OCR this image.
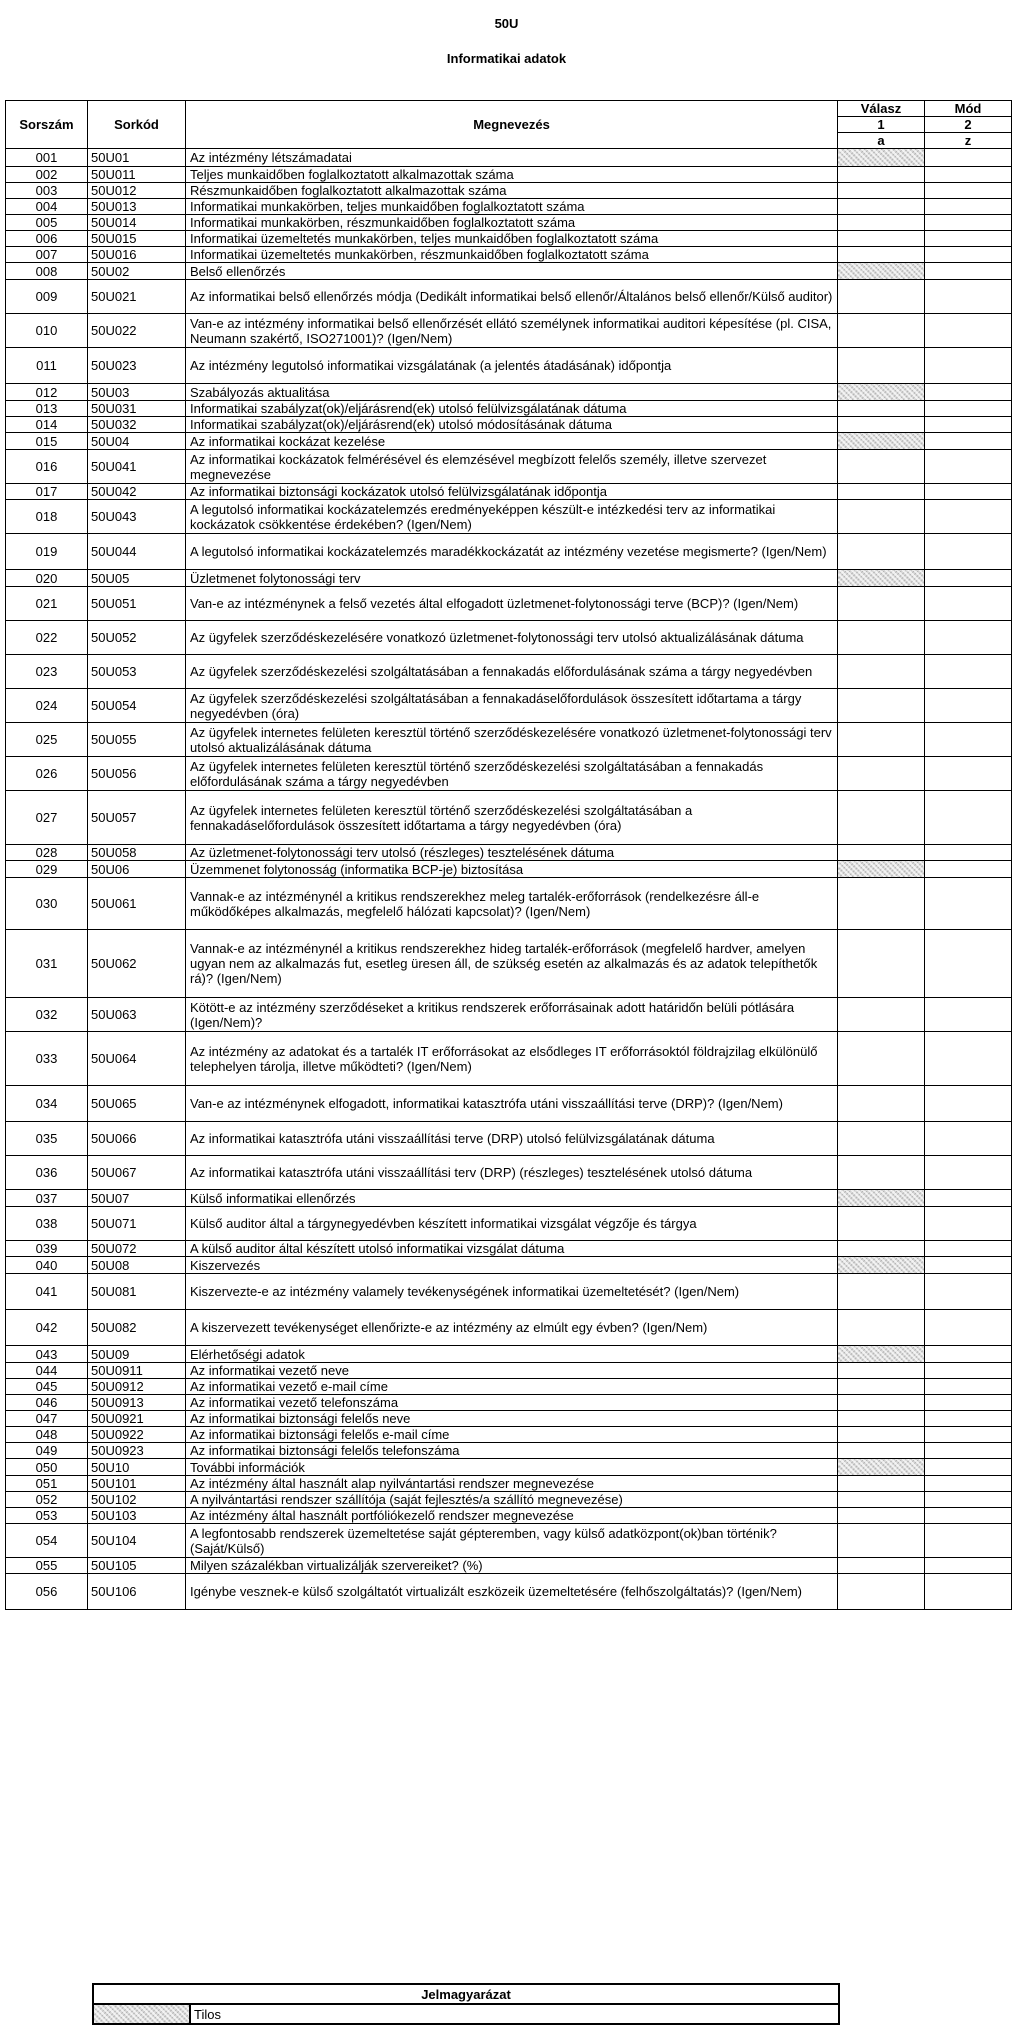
50U
Informatikai adatok
Sorszám	Sorkód	Megnevezés	Válasz	Mód
			1	2
			a	z
001	50U01	Az intézmény létszámadatai		
002	50U011	Teljes munkaidőben foglalkoztatott alkalmazottak száma		
003	50U012	Részmunkaidőben foglalkoztatott alkalmazottak száma		
004	50U013	Informatikai munkakörben, teljes munkaidőben foglalkoztatott száma		
005	50U014	Informatikai munkakörben, részmunkaidőben foglalkoztatott száma		
006	50U015	Informatikai üzemeltetés munkakörben, teljes munkaidőben foglalkoztatott száma		
007	50U016	Informatikai üzemeltetés munkakörben, részmunkaidőben foglalkoztatott száma		
008	50U02	Belső ellenőrzés		
009	50U021	Az informatikai belső ellenőrzés módja (Dedikált informatikai belső ellenőr/Általános belső ellenőr/Külső auditor)		
010	50U022	Van-e az intézmény informatikai belső ellenőrzését ellátó személynek informatikai auditori képesítése (pl. CISA, Neumann szakértő, ISO271001)? (Igen/Nem)		
011	50U023	Az intézmény legutolsó informatikai vizsgálatának (a jelentés átadásának) időpontja		
012	50U03	Szabályozás aktualitása		
013	50U031	Informatikai szabályzat(ok)/eljárásrend(ek) utolsó felülvizsgálatának dátuma		
014	50U032	Informatikai szabályzat(ok)/eljárásrend(ek) utolsó módosításának dátuma		
015	50U04	Az informatikai kockázat kezelése		
016	50U041	Az informatikai kockázatok felmérésével és elemzésével megbízott felelős személy, illetve szervezet megnevezése		
017	50U042	Az informatikai biztonsági kockázatok utolsó felülvizsgálatának időpontja		
018	50U043	A legutolsó informatikai kockázatelemzés eredményeképpen készült-e intézkedési terv az informatikai kockázatok csökkentése érdekében? (Igen/Nem)		
019	50U044	A legutolsó informatikai kockázatelemzés maradékkockázatát az intézmény vezetése megismerte? (Igen/Nem)		
020	50U05	Üzletmenet folytonossági terv		
021	50U051	Van-e az intézménynek a felső vezetés által elfogadott üzletmenet-folytonossági terve (BCP)? (Igen/Nem)		
022	50U052	Az ügyfelek szerződéskezelésére vonatkozó üzletmenet-folytonossági terv utolsó aktualizálásának dátuma		
023	50U053	Az ügyfelek szerződéskezelési szolgáltatásában a fennakadás előfordulásának száma a tárgy negyedévben		
024	50U054	Az ügyfelek szerződéskezelési szolgáltatásában a fennakadáselőfordulások összesített időtartama a tárgy negyedévben (óra)		
025	50U055	Az ügyfelek internetes felületen keresztül történő szerződéskezelésére vonatkozó üzletmenet-folytonossági terv utolsó aktualizálásának dátuma		
026	50U056	Az ügyfelek internetes felületen keresztül történő szerződéskezelési szolgáltatásában a fennakadás előfordulásának száma a tárgy negyedévben		
027	50U057	Az ügyfelek internetes felületen keresztül történő szerződéskezelési szolgáltatásában a fennakadáselőfordulások összesített időtartama a tárgy negyedévben (óra)		
028	50U058	Az üzletmenet-folytonossági terv utolsó (részleges) tesztelésének dátuma		
029	50U06	Üzemmenet folytonosság (informatika BCP-je) biztosítása		
030	50U061	Vannak-e az intézménynél a kritikus rendszerekhez meleg tartalék-erőforrások (rendelkezésre áll-e működőképes alkalmazás, megfelelő hálózati kapcsolat)? (Igen/Nem)		
031	50U062	Vannak-e az intézménynél a kritikus rendszerekhez hideg tartalék-erőforrások (megfelelő hardver, amelyen ugyan nem az alkalmazás fut, esetleg üresen áll, de szükség esetén az alkalmazás és az adatok telepíthetők rá)? (Igen/Nem)		
032	50U063	Kötött-e az intézmény szerződéseket a kritikus rendszerek erőforrásainak adott határidőn belüli pótlására (Igen/Nem)?		
033	50U064	Az intézmény az adatokat és a tartalék IT erőforrásokat az elsődleges IT erőforrásoktól földrajzilag elkülönülő telephelyen tárolja, illetve működteti? (Igen/Nem)		
034	50U065	Van-e az intézménynek elfogadott, informatikai katasztrófa utáni visszaállítási terve (DRP)? (Igen/Nem)		
035	50U066	Az informatikai katasztrófa utáni visszaállítási terve (DRP) utolsó felülvizsgálatának dátuma		
036	50U067	Az informatikai katasztrófa utáni visszaállítási terv (DRP) (részleges) tesztelésének utolsó dátuma		
037	50U07	Külső informatikai ellenőrzés		
038	50U071	Külső auditor által a tárgynegyedévben készített informatikai vizsgálat végzője és tárgya		
039	50U072	A külső auditor által készített utolsó informatikai vizsgálat dátuma		
040	50U08	Kiszervezés		
041	50U081	Kiszervezte-e az intézmény valamely tevékenységének informatikai üzemeltetését? (Igen/Nem)		
042	50U082	A kiszervezett tevékenységet ellenőrizte-e az intézmény az elmúlt egy évben? (Igen/Nem)		
043	50U09	Elérhetőségi adatok		
044	50U0911	Az informatikai vezető neve		
045	50U0912	Az informatikai vezető e-mail címe		
046	50U0913	Az informatikai vezető telefonszáma		
047	50U0921	Az informatikai biztonsági felelős neve		
048	50U0922	Az informatikai biztonsági felelős e-mail címe		
049	50U0923	Az informatikai biztonsági felelős telefonszáma		
050	50U10	További információk		
051	50U101	Az intézmény által használt alap nyilvántartási rendszer megnevezése		
052	50U102	A nyilvántartási rendszer szállítója (saját fejlesztés/a szállító megnevezése)		
053	50U103	Az intézmény által használt portfóliókezelő rendszer megnevezése		
054	50U104	A legfontosabb rendszerek üzemeltetése saját gépteremben, vagy külső adatközpont(ok)ban történik? (Saját/Külső)		
055	50U105	Milyen százalékban virtualizálják szervereiket? (%)		
056	50U106	Igénybe vesznek-e külső szolgáltatót virtualizált eszközeik üzemeltetésére (felhőszolgáltatás)? (Igen/Nem)		
Jelmagyarázat
	Tilos
